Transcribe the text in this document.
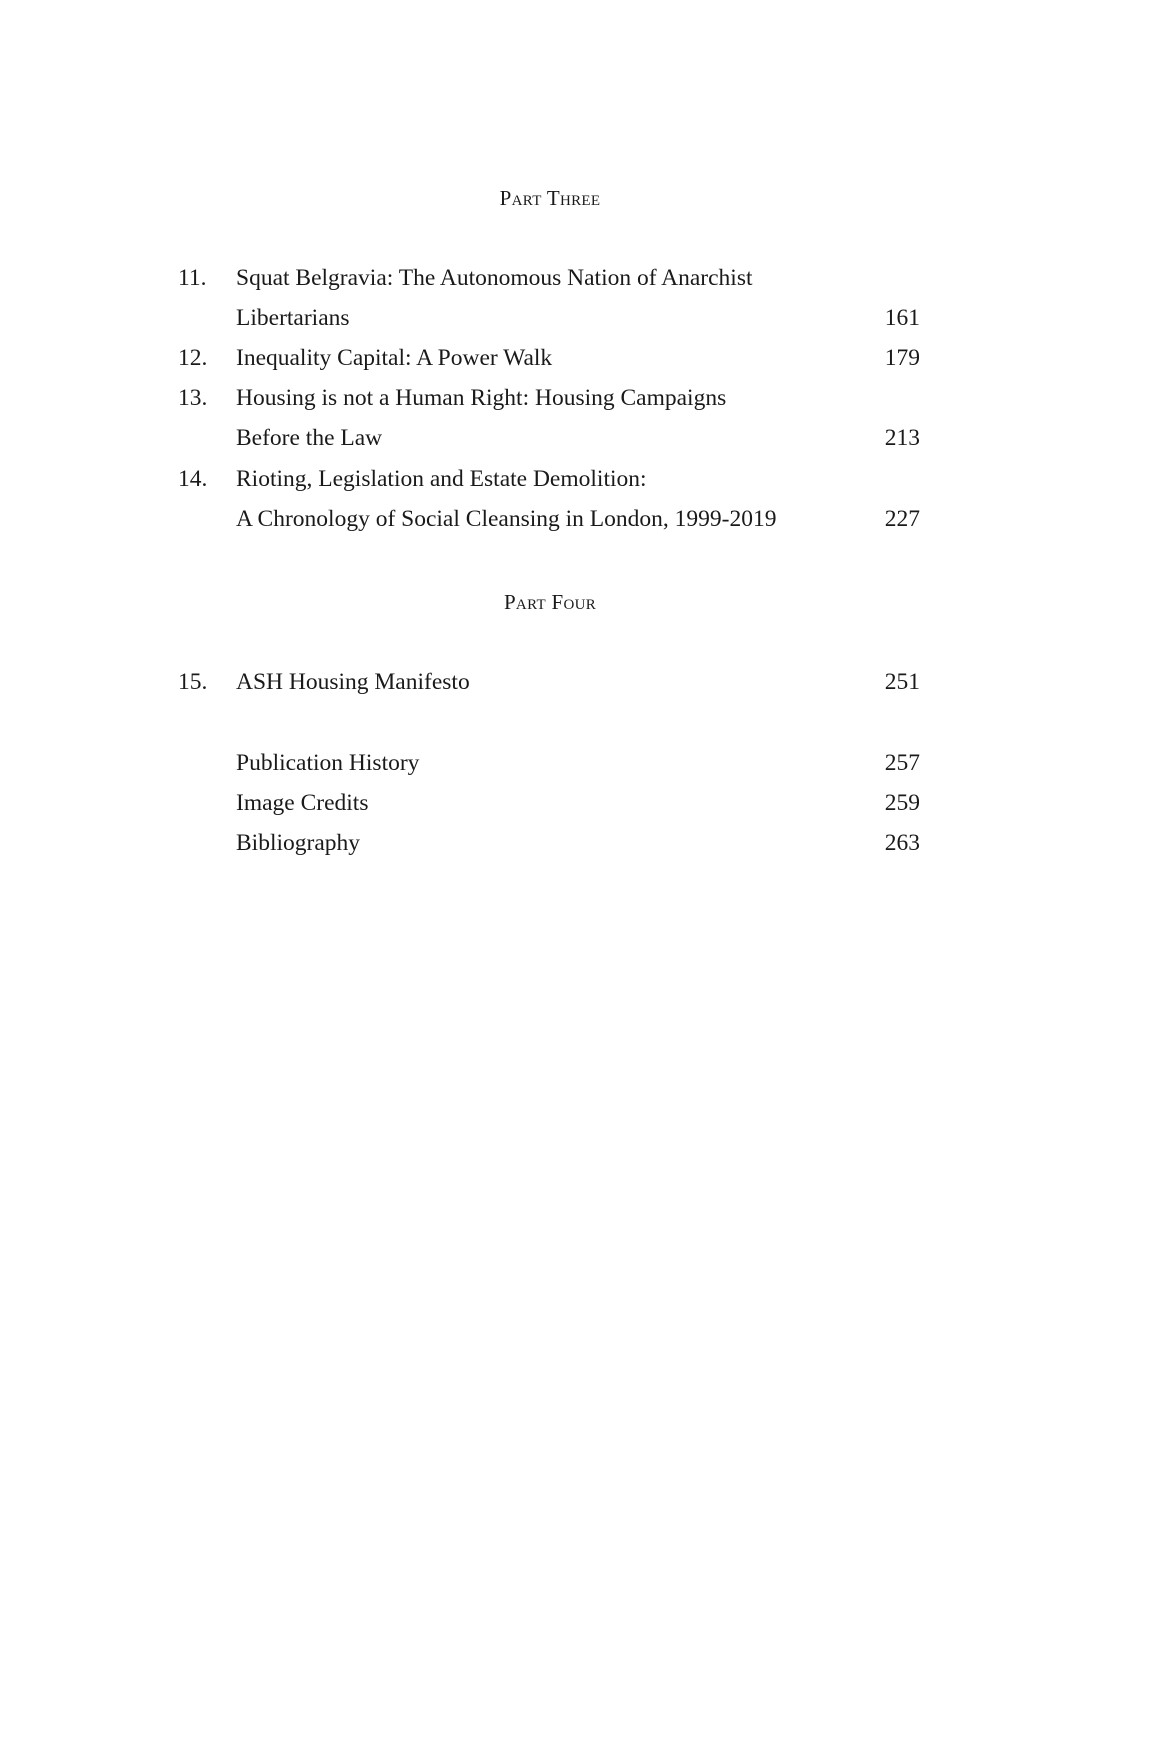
Part Three
11.	Squat Belgravia: The Autonomous Nation of Anarchist
Libertarians	161
12.	Inequality Capital: A Power Walk	179
13.	Housing is not a Human Right: Housing Campaigns
Before the Law	213
14.	Rioting, Legislation and Estate Demolition:
A Chronology of Social Cleansing in London, 1999-2019	227
Part Four
15.	ASH Housing Manifesto	251
Publication History	257
Image Credits	259
Bibliography	263
